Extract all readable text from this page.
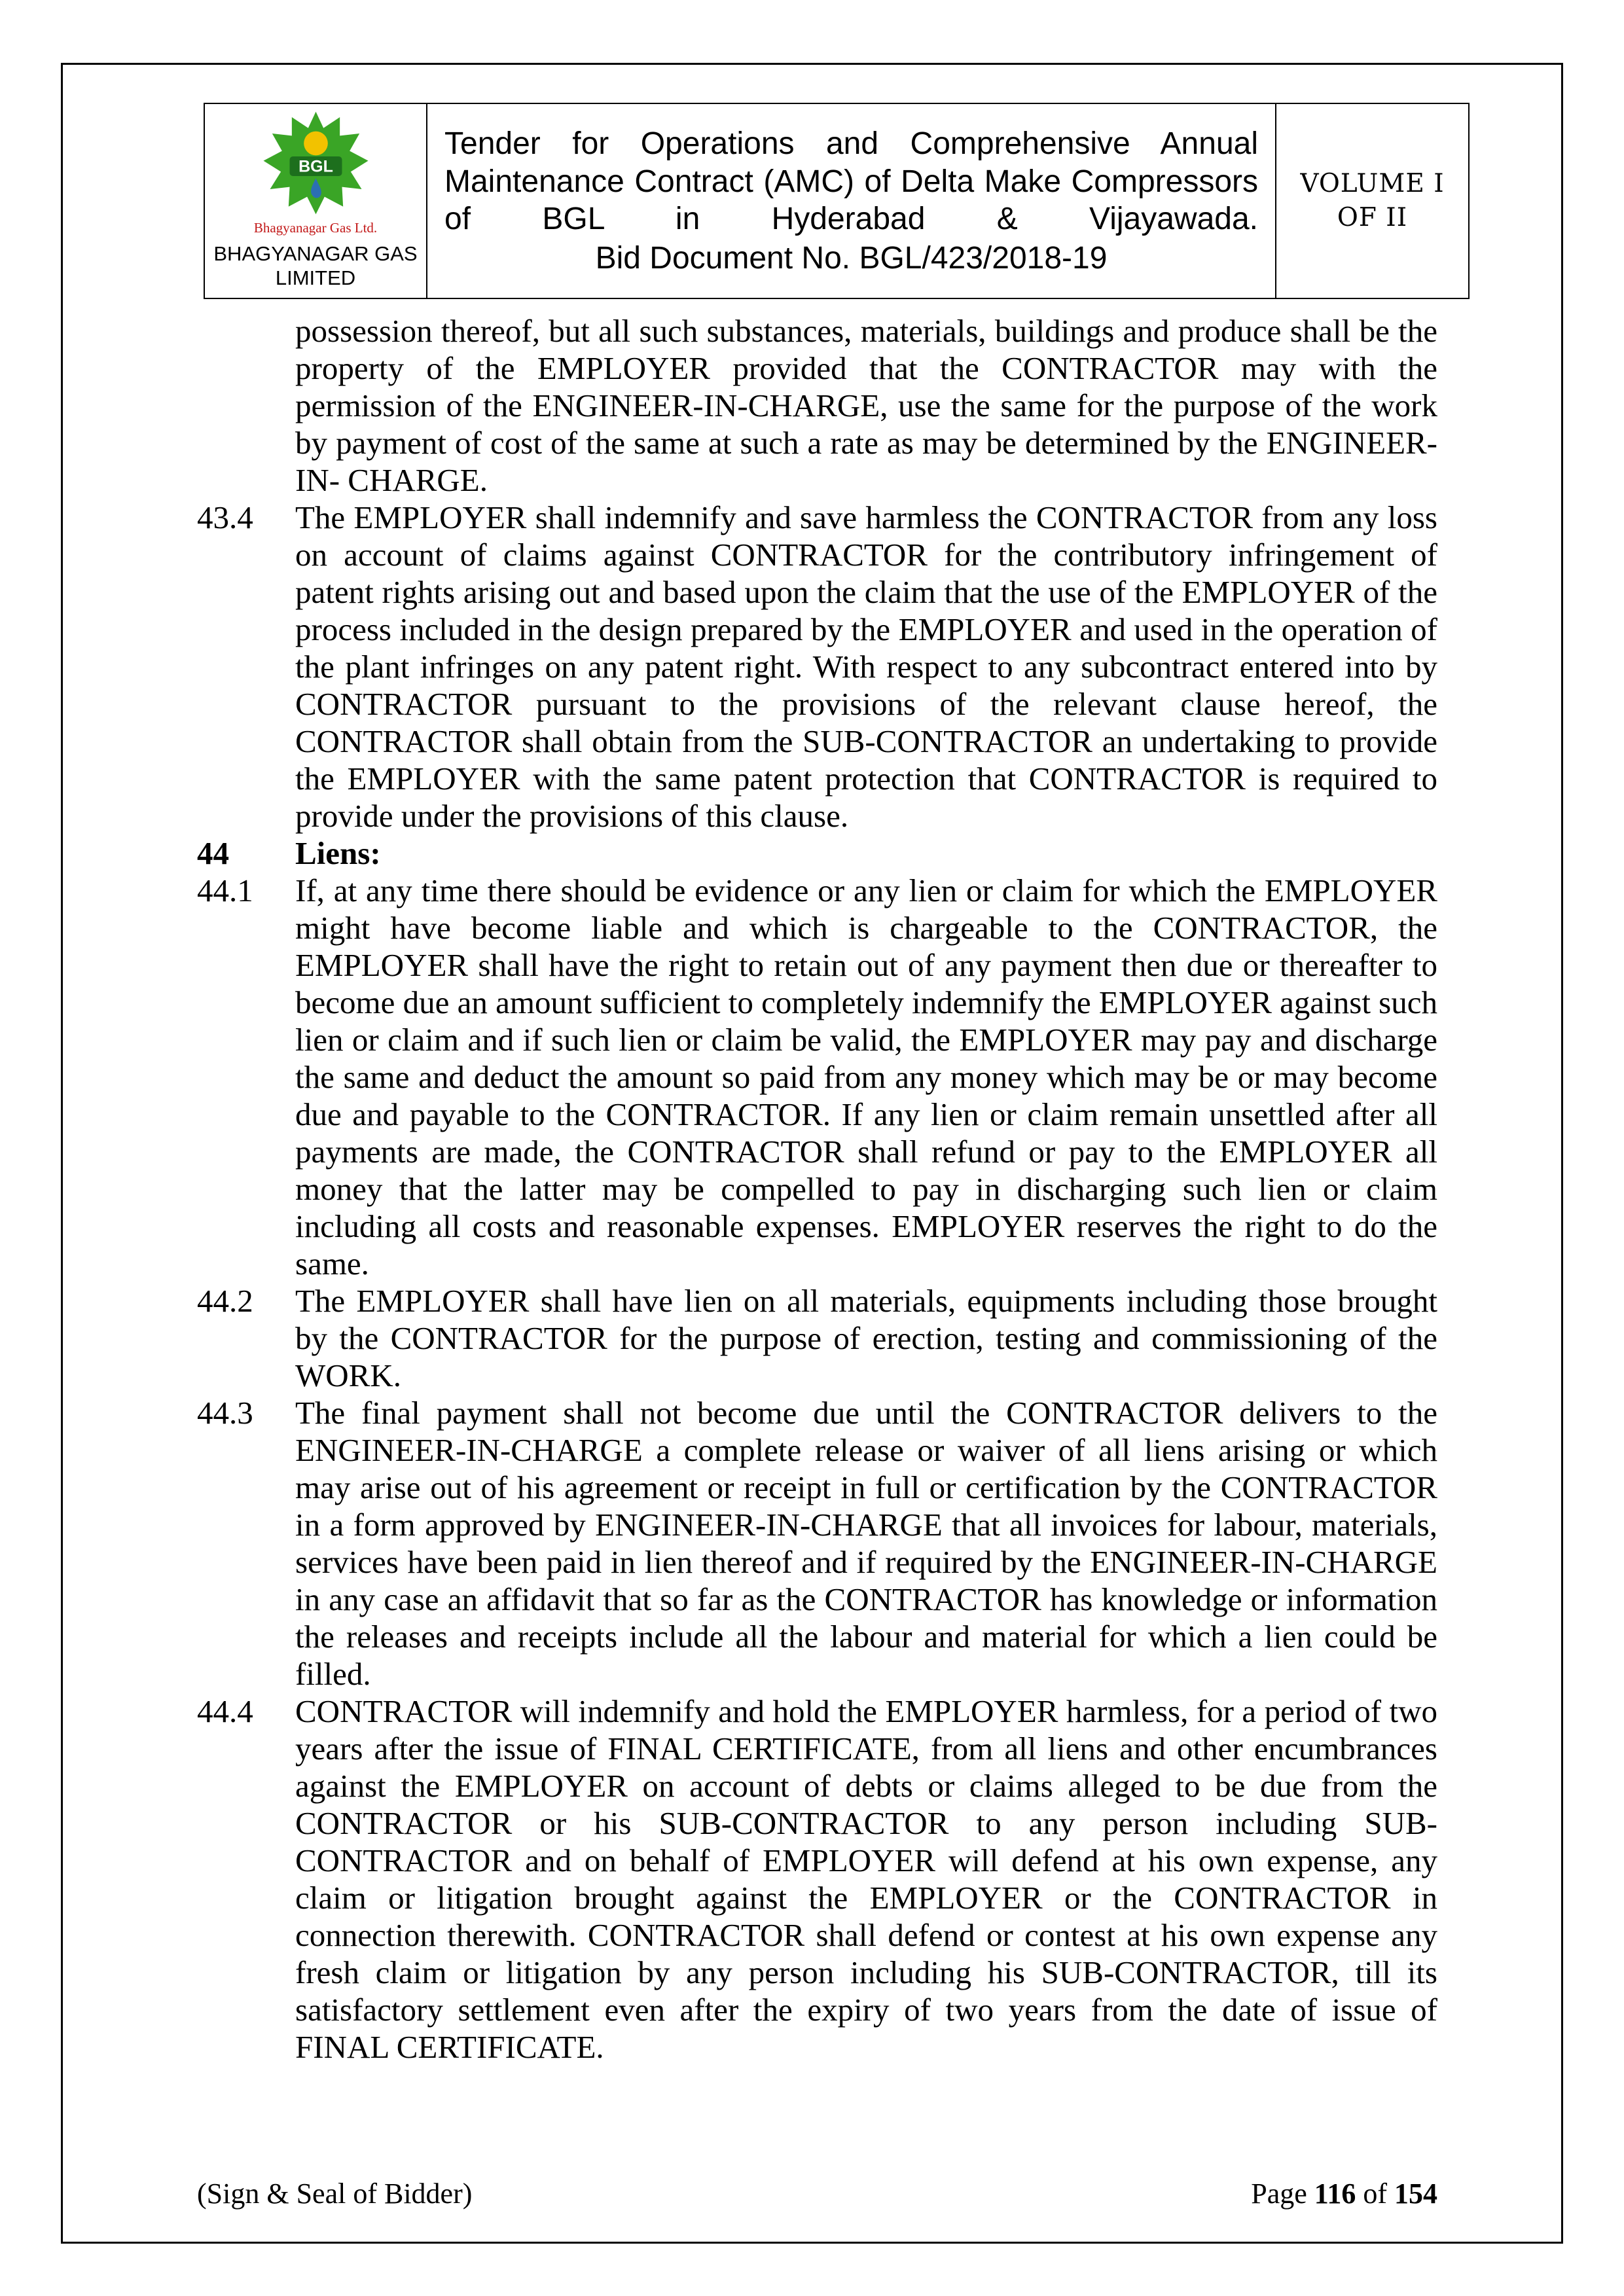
BGL
Bhagyanagar Gas Ltd.
BHAGYANAGAR GAS LIMITED

Tender for Operations and Comprehensive Annual Maintenance Contract (AMC) of Delta Make Compressors of BGL in Hyderabad & Vijayawada.
Bid Document No. BGL/423/2018-19

VOLUME I
OF II
possession thereof, but all such substances, materials, buildings and produce shall be the property of the EMPLOYER provided that the CONTRACTOR may with the permission of the ENGINEER-IN-CHARGE, use the same for the purpose of the work by payment of cost of the same at such a rate as may be determined by the ENGINEER-IN- CHARGE.
43.4	The EMPLOYER shall indemnify and save harmless the CONTRACTOR from any loss on account of claims against CONTRACTOR for the contributory infringement of patent rights arising out and based upon the claim that the use of the EMPLOYER of the process included in the design prepared by the EMPLOYER and used in the operation of the plant infringes on any patent right. With respect to any subcontract entered into by CONTRACTOR pursuant to the provisions of the relevant clause hereof, the CONTRACTOR shall obtain from the SUB-CONTRACTOR an undertaking to provide the EMPLOYER with the same patent protection that CONTRACTOR is required to provide under the provisions of this clause.
44	Liens:
44.1	If, at any time there should be evidence or any lien or claim for which the EMPLOYER might have become liable and which is chargeable to the CONTRACTOR, the EMPLOYER shall have the right to retain out of any payment then due or thereafter to become due an amount sufficient to completely indemnify the EMPLOYER against such lien or claim and if such lien or claim be valid, the EMPLOYER may pay and discharge the same and deduct the amount so paid from any money which may be or may become due and payable to the CONTRACTOR. If any lien or claim remain unsettled after all payments are made, the CONTRACTOR shall refund or pay to the EMPLOYER all money that the latter may be compelled to pay in discharging such lien or claim including all costs and reasonable expenses. EMPLOYER reserves the right to do the same.
44.2	The EMPLOYER shall have lien on all materials, equipments including those brought by the CONTRACTOR for the purpose of erection, testing and commissioning of the WORK.
44.3	The final payment shall not become due until the CONTRACTOR delivers to the ENGINEER-IN-CHARGE a complete release or waiver of all liens arising or which may arise out of his agreement or receipt in full or certification by the CONTRACTOR in a form approved by ENGINEER-IN-CHARGE that all invoices for labour, materials, services have been paid in lien thereof and if required by the ENGINEER-IN-CHARGE in any case an affidavit that so far as the CONTRACTOR has knowledge or information the releases and receipts include all the labour and material for which a lien could be filled.
44.4	CONTRACTOR will indemnify and hold the EMPLOYER harmless, for a period of two years after the issue of FINAL CERTIFICATE, from all liens and other encumbrances against the EMPLOYER on account of debts or claims alleged to be due from the CONTRACTOR or his SUB-CONTRACTOR to any person including SUB- CONTRACTOR and on behalf of EMPLOYER will defend at his own expense, any claim or litigation brought against the EMPLOYER or the CONTRACTOR in connection therewith. CONTRACTOR shall defend or contest at his own expense any fresh claim or litigation by any person including his SUB-CONTRACTOR, till its satisfactory settlement even after the expiry of two years from the date of issue of FINAL CERTIFICATE.
(Sign & Seal of Bidder)	Page 116 of 154
